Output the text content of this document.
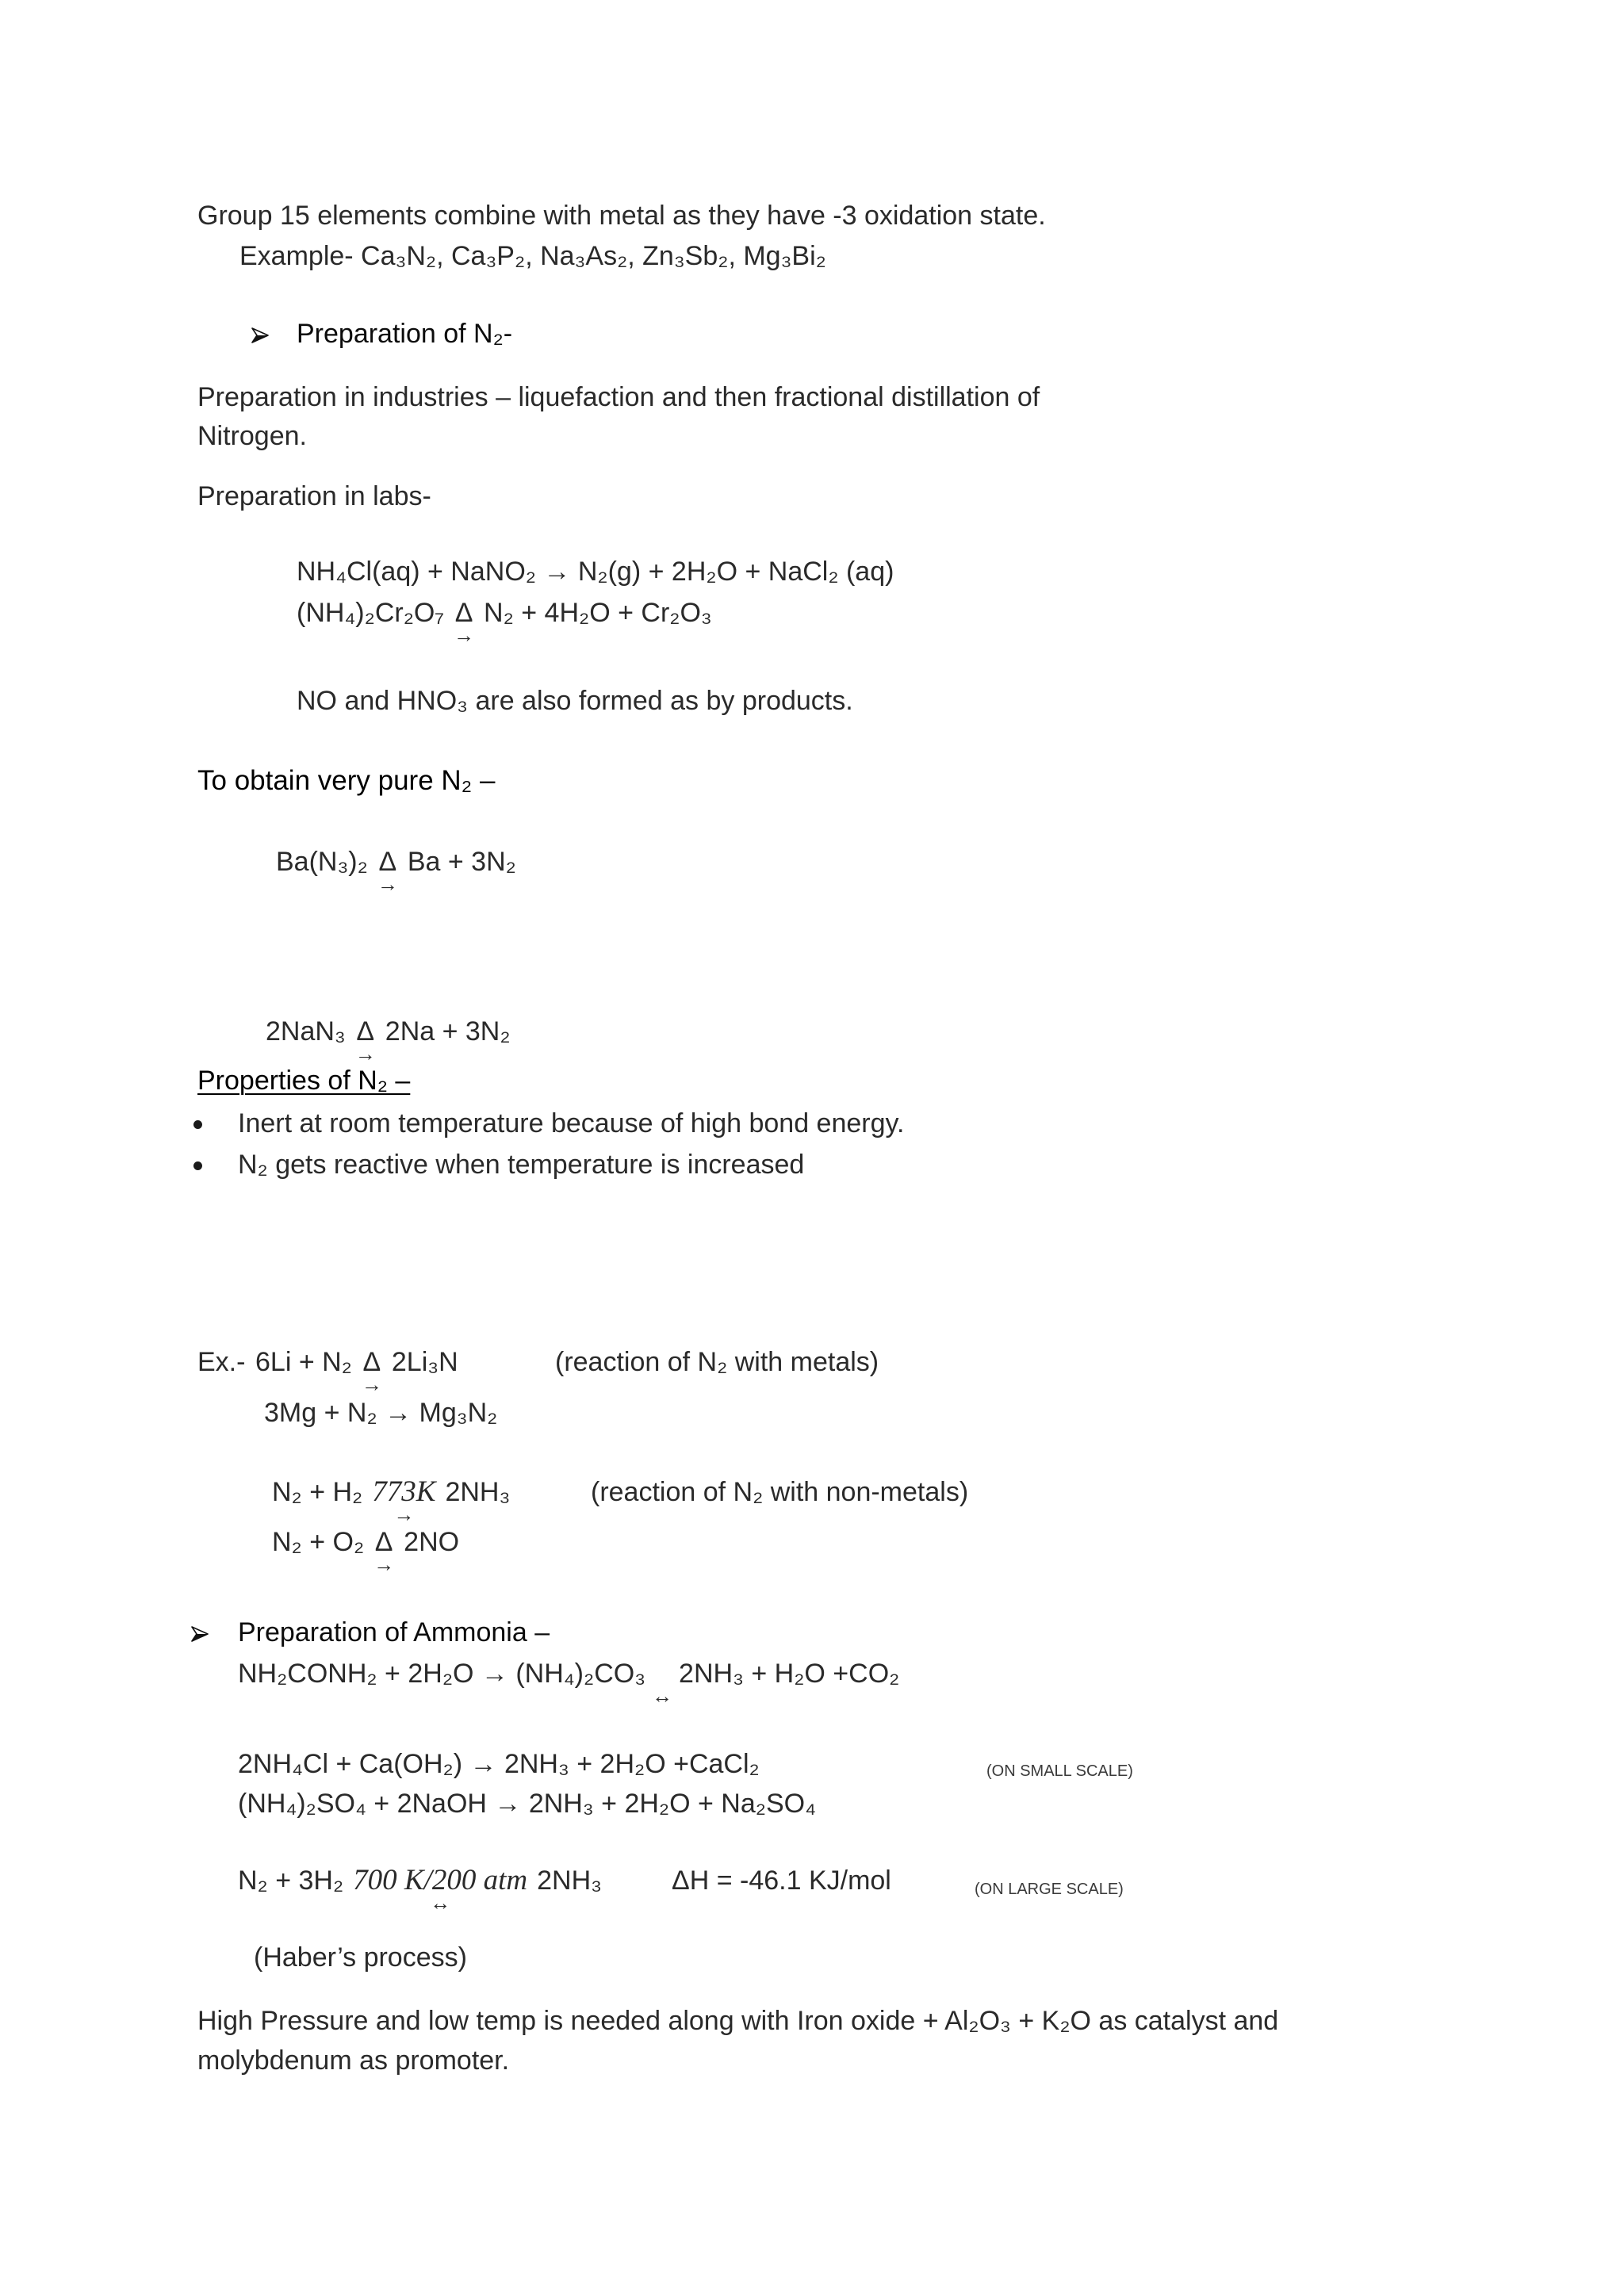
Group 15 elements combine with metal as they have -3 oxidation state.
Example- Ca₃N₂, Ca₃P₂, Na₃As₂, Zn₃Sb₂, Mg₃Bi₂
Preparation of N₂-
Preparation in industries – liquefaction and then fractional distillation of
Nitrogen.
Preparation in labs-
NH₄Cl(aq) + NaNO₂ → N₂(g) + 2H₂O + NaCl₂ (aq)
(NH₄)₂Cr₂O₇ Δ
→
N₂ + 4H₂O + Cr₂O₃
NO and HNO₃ are also formed as by products.
To obtain very pure N₂ –
Ba(N₃)₂ Δ
→
Ba + 3N₂
2NaN₃ Δ
→
2Na + 3N₂
Properties of N₂ –
Inert at room temperature because of high bond energy.
N₂ gets reactive when temperature is increased
Ex.- 6Li + N₂ Δ
→
2Li₃N	(reaction of N₂ with metals)
3Mg + N₂ → Mg₃N₂
N₂ + H₂ 773K
→
2NH₃	(reaction of N₂ with non-metals)
N₂ + O₂ Δ
→
2NO
Preparation of Ammonia –
NH₂CONH₂ + 2H₂O → (NH₄)₂CO₃
↔
2NH₃ + H₂O +CO₂
2NH₄Cl + Ca(OH₂) → 2NH₃ + 2H₂O +CaCl₂	(ON SMALL SCALE)
(NH₄)₂SO₄ + 2NaOH → 2NH₃ + 2H₂O + Na₂SO₄
N₂ + 3H₂ 700 K/200 atm
↔
2NH₃	ΔH = -46.1 KJ/mol	(ON LARGE SCALE)
(Haber’s process)
High Pressure and low temp is needed along with Iron oxide + Al₂O₃ + K₂O as catalyst and
molybdenum as promoter.
